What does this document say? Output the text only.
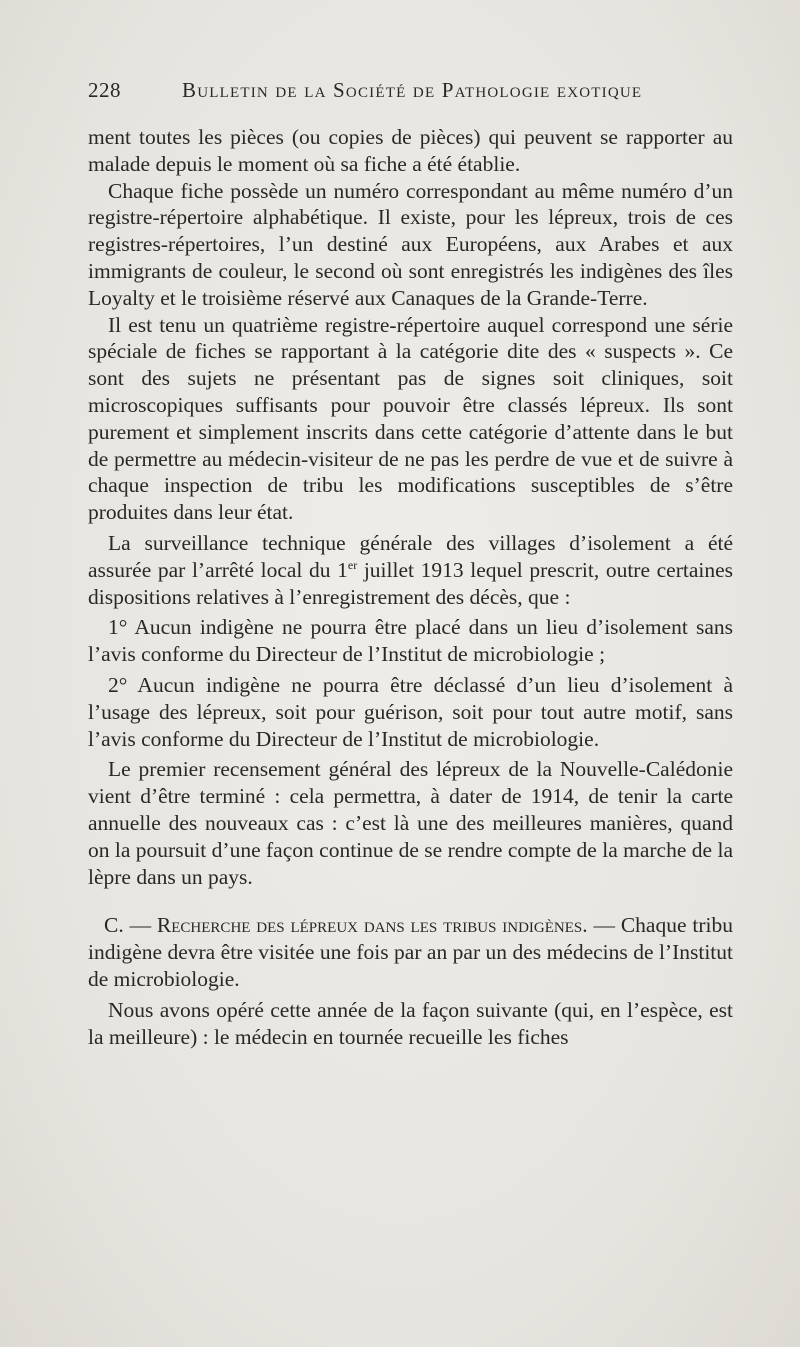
228	Bulletin de la Société de Pathologie exotique

ment toutes les pièces (ou copies de pièces) qui peuvent se rapporter au malade depuis le moment où sa fiche a été établie.

Chaque fiche possède un numéro correspondant au même numéro d’un registre-répertoire alphabétique. Il existe, pour les lépreux, trois de ces registres-répertoires, l’un destiné aux Européens, aux Arabes et aux immigrants de couleur, le second où sont enregistrés les indigènes des îles Loyalty et le troisième réservé aux Canaques de la Grande-Terre.

Il est tenu un quatrième registre-répertoire auquel correspond une série spéciale de fiches se rapportant à la catégorie dite des « suspects ». Ce sont des sujets ne présentant pas de signes soit cliniques, soit microscopiques suffisants pour pouvoir être classés lépreux. Ils sont purement et simplement inscrits dans cette catégorie d’attente dans le but de permettre au médecin-visiteur de ne pas les perdre de vue et de suivre à chaque inspection de tribu les modifications susceptibles de s’être produites dans leur état.

La surveillance technique générale des villages d’isolement a été assurée par l’arrêté local du 1er juillet 1913 lequel prescrit, outre certaines dispositions relatives à l’enregistrement des décès, que :

1° Aucun indigène ne pourra être placé dans un lieu d’isolement sans l’avis conforme du Directeur de l’Institut de microbiologie ;

2° Aucun indigène ne pourra être déclassé d’un lieu d’isolement à l’usage des lépreux, soit pour guérison, soit pour tout autre motif, sans l’avis conforme du Directeur de l’Institut de microbiologie.

Le premier recensement général des lépreux de la Nouvelle-Calédonie vient d’être terminé : cela permettra, à dater de 1914, de tenir la carte annuelle des nouveaux cas : c’est là une des meilleures manières, quand on la poursuit d’une façon continue de se rendre compte de la marche de la lèpre dans un pays.

C. — Recherche des lépreux dans les tribus indigènes. — Chaque tribu indigène devra être visitée une fois par an par un des médecins de l’Institut de microbiologie.

Nous avons opéré cette année de la façon suivante (qui, en l’espèce, est la meilleure) : le médecin en tournée recueille les fiches
